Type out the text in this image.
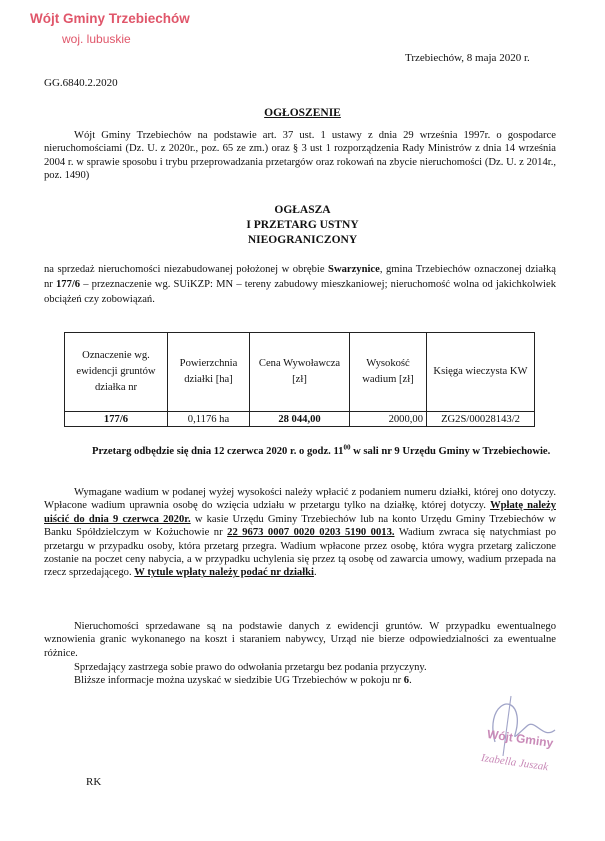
Wójt Gminy Trzebiechów
woj. lubuskie
Trzebiechów, 8 maja 2020 r.
GG.6840.2.2020
OGŁOSZENIE
Wójt Gminy Trzebiechów na podstawie art. 37 ust. 1 ustawy z dnia 29 września 1997r. o gospodarce nieruchomościami (Dz. U. z 2020r., poz. 65 ze zm.) oraz § 3 ust 1 rozporządzenia Rady Ministrów z dnia 14 września 2004 r. w sprawie sposobu i trybu przeprowadzania przetargów oraz rokowań na zbycie nieruchomości (Dz. U. z 2014r., poz. 1490)
OGŁASZA
I PRZETARG USTNY
NIEOGRANICZONY
na sprzedaż nieruchomości niezabudowanej położonej w obrębie Swarzynice, gmina Trzebiechów oznaczonej działką nr 177/6 – przeznaczenie wg. SUiKZP: MN – tereny zabudowy mieszkaniowej; nieruchomość wolna od jakichkolwiek obciążeń czy zobowiązań.
Oznaczenie wg. ewidencji gruntów działka nr	Powierzchnia działki [ha]	Cena Wywoławcza [zł]	Wysokość wadium [zł]	Księga wieczysta KW
177/6	0,1176 ha	28 044,00	2000,00	ZG2S/00028143/2
Przetarg odbędzie się dnia 12 czerwca 2020 r. o godz. $11^{00}$ w sali nr 9 Urzędu Gminy w Trzebiechowie.
Wymagane wadium w podanej wyżej wysokości należy wpłacić z podaniem numeru działki, której ono dotyczy. Wpłacone wadium uprawnia osobę do wzięcia udziału w przetargu tylko na działkę, której dotyczy. Wpłatę należy uiścić do dnia 9 czerwca 2020r. w kasie Urzędu Gminy Trzebiechów lub na konto Urzędu Gminy Trzebiechów w Banku Spółdzielczym w Kożuchowie nr 22 9673 0007 0020 0203 5190 0013. Wadium zwraca się natychmiast po przetargu w przypadku osoby, która przetarg przegra. Wadium wpłacone przez osobę, która wygra przetarg zaliczone zostanie na poczet ceny nabycia, a w przypadku uchylenia się przez tą osobę od zawarcia umowy, wadium przepada na rzecz sprzedającego. W tytule wpłaty należy podać nr działki.
Nieruchomości sprzedawane są na podstawie danych z ewidencji gruntów. W przypadku ewentualnego wznowienia granic wykonanego na koszt i staraniem nabywcy, Urząd nie bierze odpowiedzialności za ewentualne różnice.
Sprzedający zastrzega sobie prawo do odwołania przetargu bez podania przyczyny.
Bliższe informacje można uzyskać w siedzibie UG Trzebiechów w pokoju nr 6.
Wójt Gminy
Izabella Juszak
RK
